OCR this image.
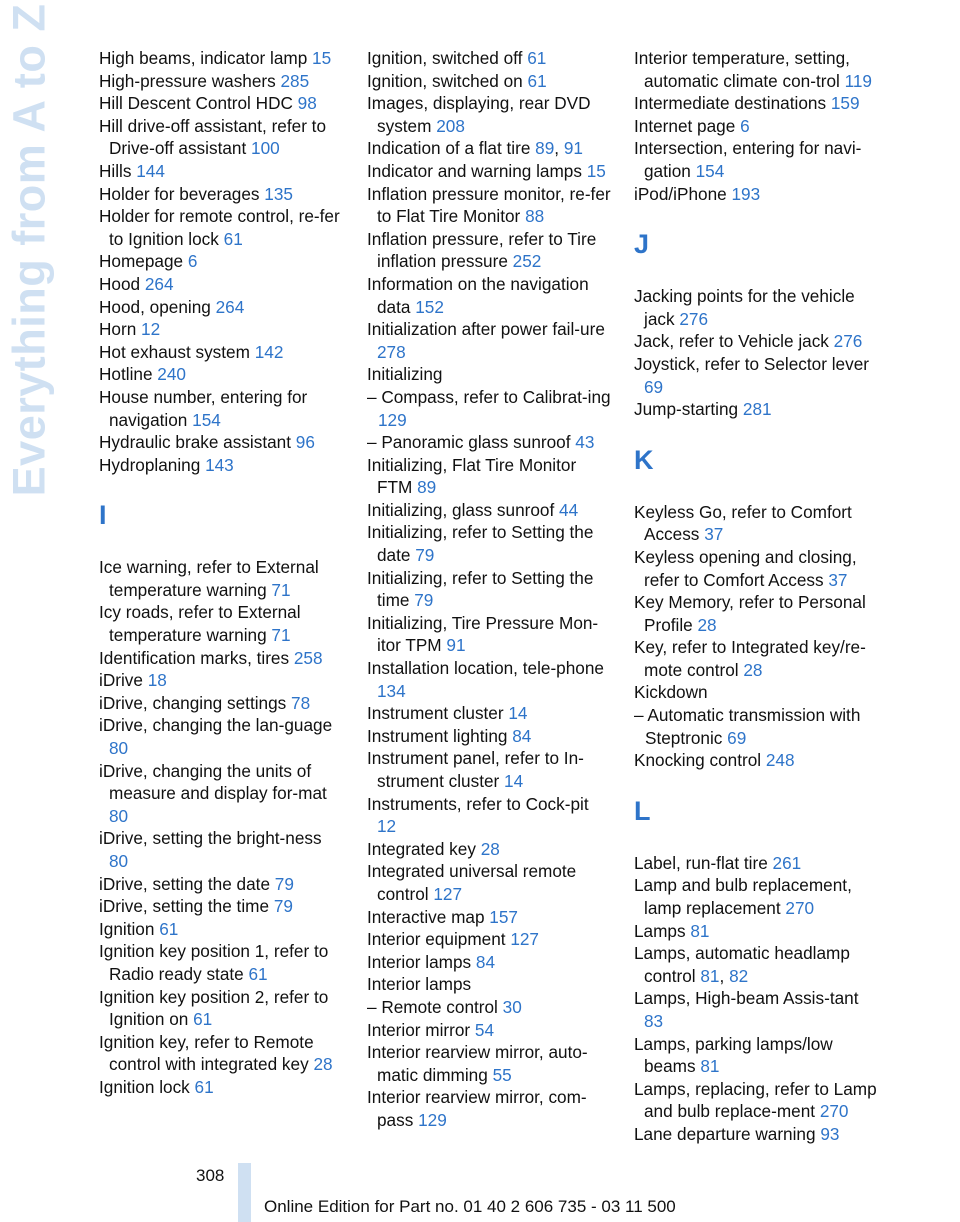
Everything from A to Z	High beams, indicator lamp 15
High-pressure washers 285
Hill Descent Control HDC 98
Hill drive-off assistant, refer to Drive-off assistant 100
Hills 144
Holder for beverages 135
Holder for remote control, re-fer to Ignition lock 61
Homepage 6
Hood 264
Hood, opening 264
Horn 12
Hot exhaust system 142
Hotline 240
House number, entering for navigation 154
Hydraulic brake assistant 96
Hydroplaning 143
I
Ice warning, refer to External temperature warning 71
Icy roads, refer to External temperature warning 71
Identification marks, tires 258
iDrive 18
iDrive, changing settings 78
iDrive, changing the lan-guage 80
iDrive, changing the units of measure and display for-mat 80
iDrive, setting the bright-ness 80
iDrive, setting the date 79
iDrive, setting the time 79
Ignition 61
Ignition key position 1, refer to Radio ready state 61
Ignition key position 2, refer to Ignition on 61
Ignition key, refer to Remote control with integrated key 28
Ignition lock 61
Ignition, switched off 61
Ignition, switched on 61
Images, displaying, rear DVD system 208
Indication of a flat tire 89, 91
Indicator and warning lamps 15
Inflation pressure monitor, re-fer to Flat Tire Monitor 88
Inflation pressure, refer to Tire inflation pressure 252
Information on the navigation data 152
Initialization after power fail-ure 278
Initializing
– Compass, refer to Calibrat-ing 129
– Panoramic glass sunroof 43
Initializing, Flat Tire Monitor FTM 89
Initializing, glass sunroof 44
Initializing, refer to Setting the date 79
Initializing, refer to Setting the time 79
Initializing, Tire Pressure Mon-itor TPM 91
Installation location, tele-phone 134
Instrument cluster 14
Instrument lighting 84
Instrument panel, refer to In-strument cluster 14
Instruments, refer to Cock-pit 12
Integrated key 28
Integrated universal remote control 127
Interactive map 157
Interior equipment 127
Interior lamps 84
Interior lamps
– Remote control 30
Interior mirror 54
Interior rearview mirror, auto-matic dimming 55
Interior rearview mirror, com-pass 129
Interior temperature, setting, automatic climate con-trol 119
Intermediate destinations 159
Internet page 6
Intersection, entering for navi-gation 154
iPod/iPhone 193
J
Jacking points for the vehicle jack 276
Jack, refer to Vehicle jack 276
Joystick, refer to Selector lever 69
Jump-starting 281
K
Keyless Go, refer to Comfort Access 37
Keyless opening and closing, refer to Comfort Access 37
Key Memory, refer to Personal Profile 28
Key, refer to Integrated key/re-mote control 28
Kickdown
– Automatic transmission with Steptronic 69
Knocking control 248
L
Label, run-flat tire 261
Lamp and bulb replacement, lamp replacement 270
Lamps 81
Lamps, automatic headlamp control 81, 82
Lamps, High-beam Assis-tant 83
Lamps, parking lamps/low beams 81
Lamps, replacing, refer to Lamp and bulb replace-ment 270
Lane departure warning 93
308
Online Edition for Part no. 01 40 2 606 735 - 03 11 500
